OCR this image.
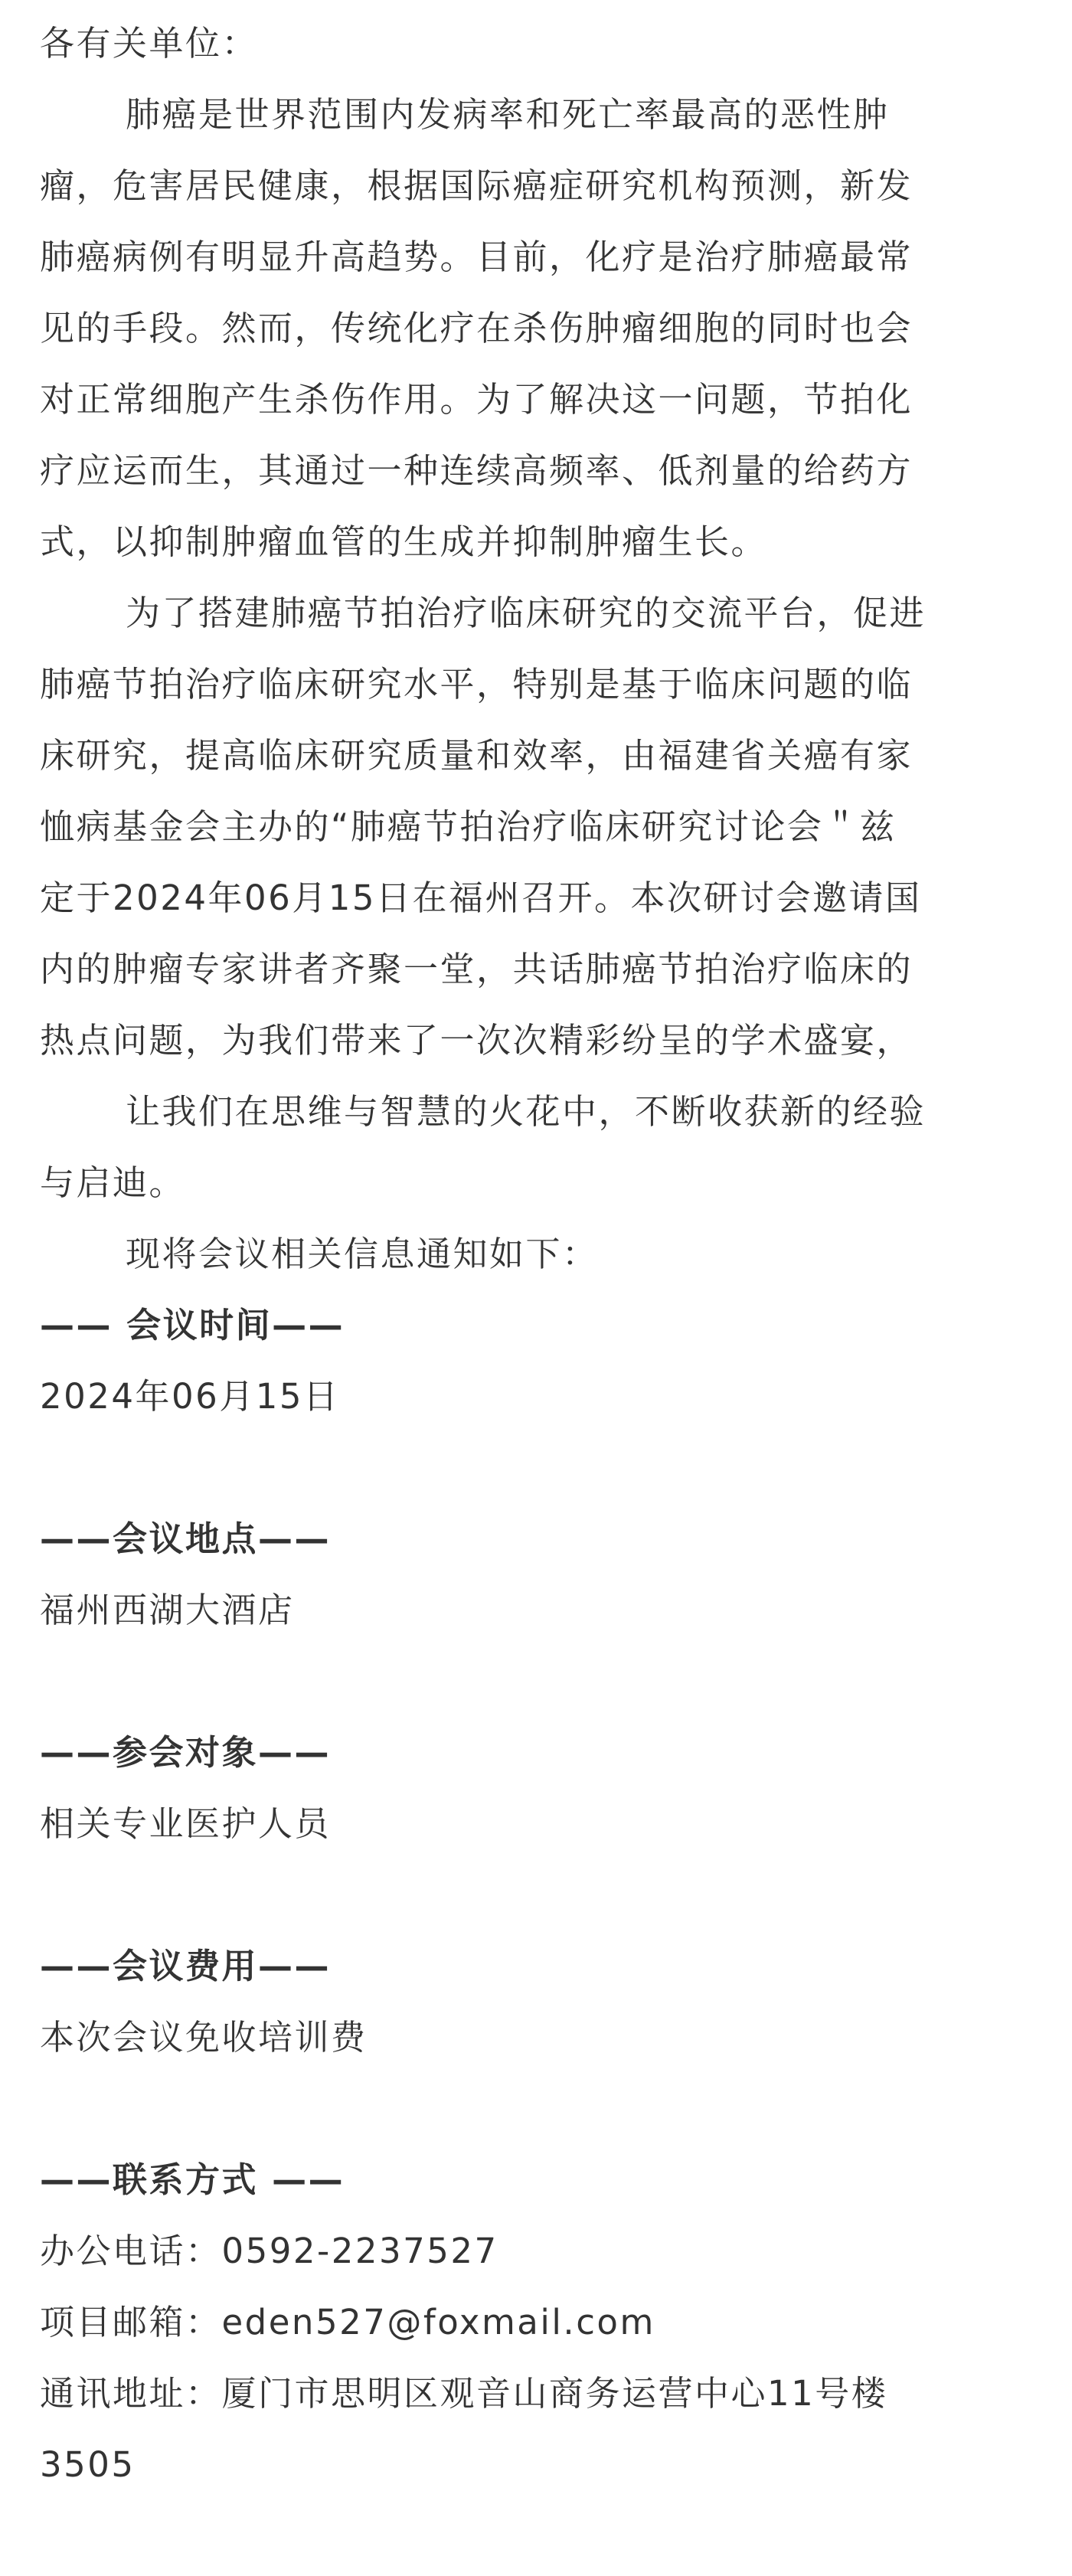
各有关单位：

肺癌是世界范围内发病率和死亡率最高的恶性肿

瘤，危害居民健康，根据国际癌症研究机构预测，新发

肺癌病例有明显升高趋势。目前，化疗是治疗肺癌最常

见的手段。然而，传统化疗在杀伤肿瘤细胞的同时也会

对正常细胞产生杀伤作用。为了解决这一问题，节拍化

疗应运而生，其通过一种连续高频率、低剂量的给药方

式，以抑制肿瘤血管的生成并抑制肿瘤生长。

为了搭建肺癌节拍治疗临床研究的交流平台，促进

肺癌节拍治疗临床研究水平，特别是基于临床问题的临

床研究，提高临床研究质量和效率，由福建省关癌有家

恤病基金会主办的“肺癌节拍治疗临床研究讨论会＂兹

定于2024年06月15日在福州召开。本次研讨会邀请国

内的肿瘤专家讲者齐聚一堂，共话肺癌节拍治疗临床的

热点问题，为我们带来了一次次精彩纷呈的学术盛宴，

让我们在思维与智慧的火花中，不断收获新的经验

与启迪。

现将会议相关信息通知如下：

—— 会议时间——

2024年06月15日

——会议地点——

福州西湖大酒店

——参会对象——

相关专业医护人员

——会议费用——

本次会议免收培训费

——联系方式 ——

办公电话：0592-2237527

项目邮箱：eden527@foxmail.com

通讯地址：厦门市思明区观音山商务运营中心11号楼

3505
